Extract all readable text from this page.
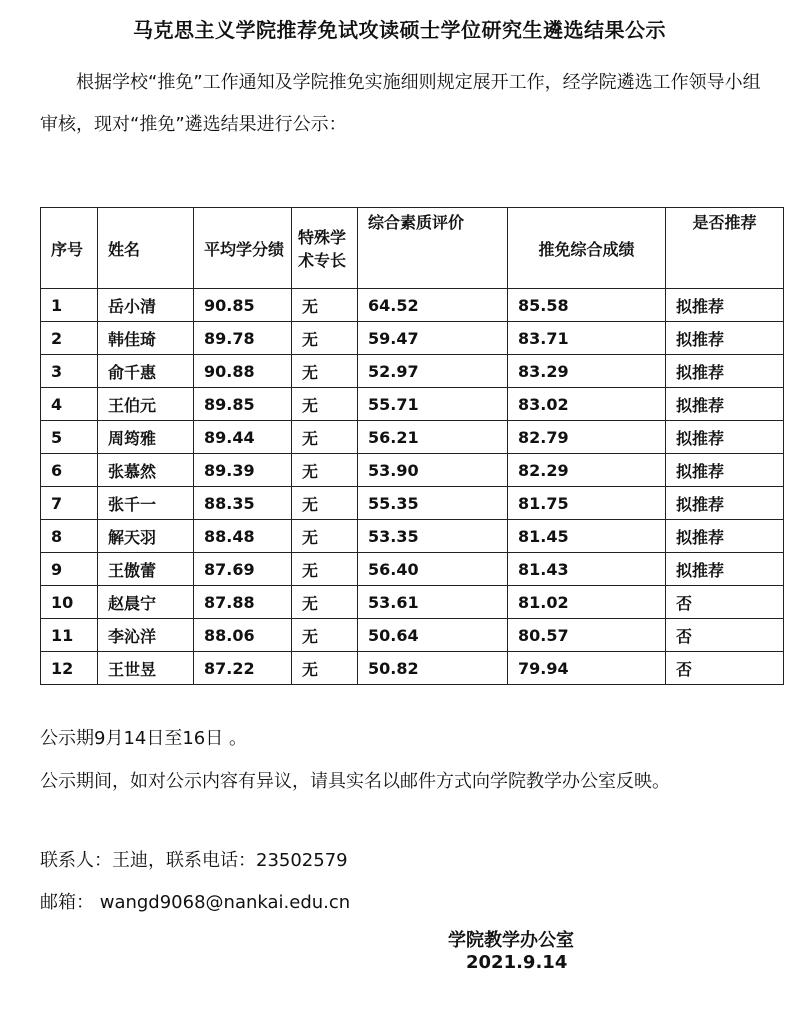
马克思主义学院推荐免试攻读硕士学位研究生遴选结果公示
根据学校“推免”工作通知及学院推免实施细则规定展开工作，经学院遴选工作领导小组审核，现对“推免”遴选结果进行公示：
序号	姓名	平均学分绩	特殊学术专长	综合素质评价	推免综合成绩	是否推荐
1	岳小清	90.85	无	64.52	85.58	拟推荐
2	韩佳琦	89.78	无	59.47	83.71	拟推荐
3	俞千惠	90.88	无	52.97	83.29	拟推荐
4	王伯元	89.85	无	55.71	83.02	拟推荐
5	周筠雅	89.44	无	56.21	82.79	拟推荐
6	张慕然	89.39	无	53.90	82.29	拟推荐
7	张千一	88.35	无	55.35	81.75	拟推荐
8	解天羽	88.48	无	53.35	81.45	拟推荐
9	王傲蕾	87.69	无	56.40	81.43	拟推荐
10	赵晨宁	87.88	无	53.61	81.02	否
11	李沁洋	88.06	无	50.64	80.57	否
12	王世昱	87.22	无	50.82	79.94	否
公示期9月14日至16日 。
公示期间，如对公示内容有异议，请具实名以邮件方式向学院教学办公室反映。
联系人：王迪，联系电话：23502579
邮箱： wangd9068@nankai.edu.cn
学院教学办公室
2021.9.14
